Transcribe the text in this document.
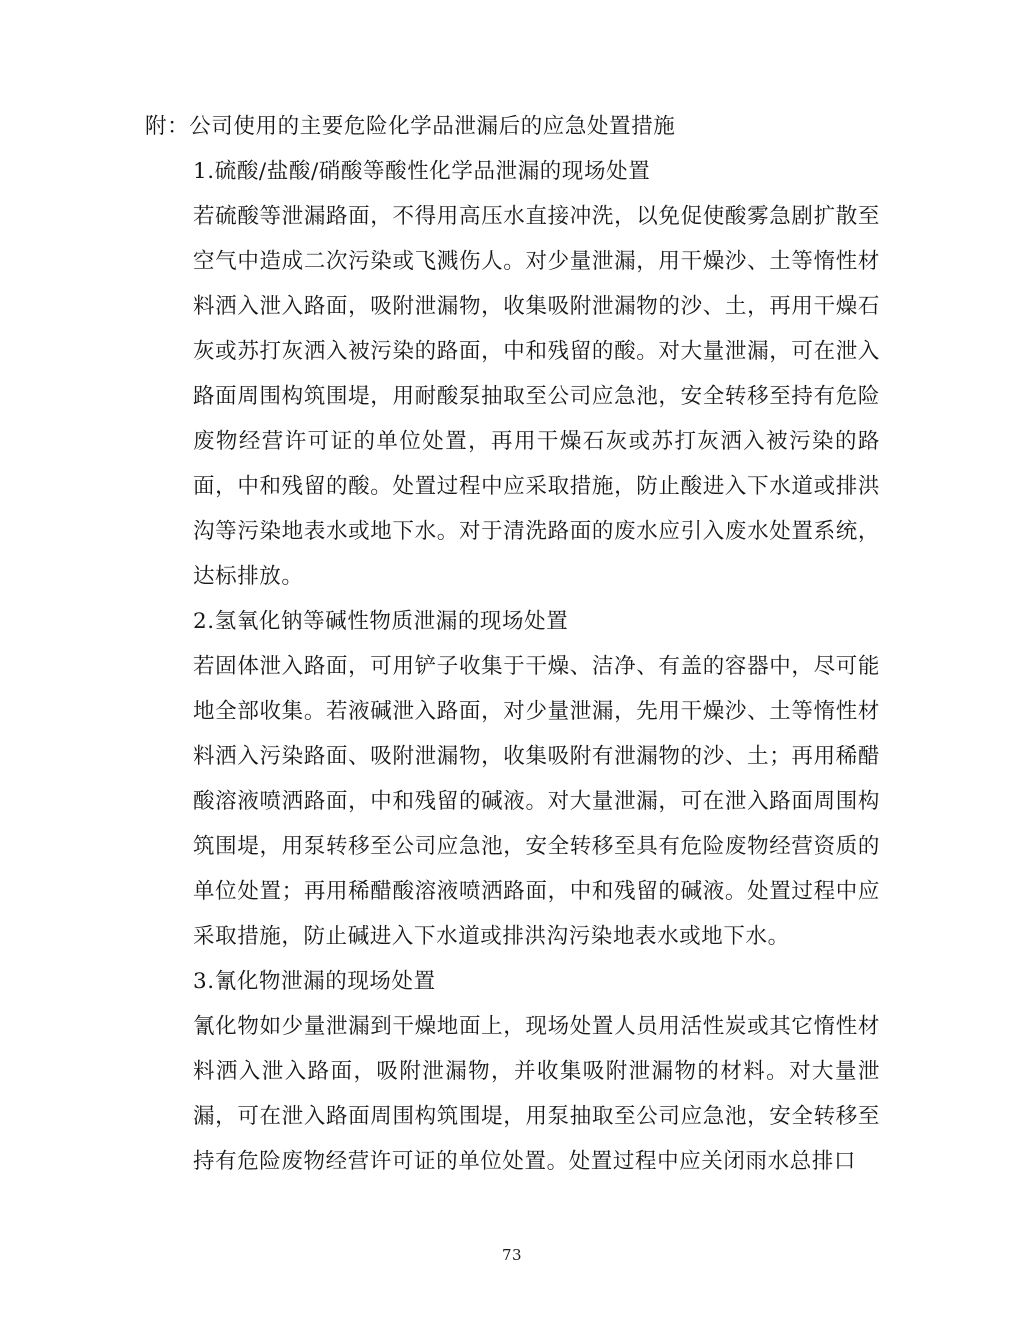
附：公司使用的主要危险化学品泄漏后的应急处置措施
1.硫酸/盐酸/硝酸等酸性化学品泄漏的现场处置
若硫酸等泄漏路面，不得用高压水直接冲洗，以免促使酸雾急剧扩散至空气中造成二次污染或飞溅伤人。对少量泄漏，用干燥沙、土等惰性材料洒入泄入路面，吸附泄漏物，收集吸附泄漏物的沙、土，再用干燥石灰或苏打灰洒入被污染的路面，中和残留的酸。对大量泄漏，可在泄入路面周围构筑围堤，用耐酸泵抽取至公司应急池，安全转移至持有危险废物经营许可证的单位处置，再用干燥石灰或苏打灰洒入被污染的路面，中和残留的酸。处置过程中应采取措施，防止酸进入下水道或排洪沟等污染地表水或地下水。对于清洗路面的废水应引入废水处置系统，达标排放。
2.氢氧化钠等碱性物质泄漏的现场处置
若固体泄入路面，可用铲子收集于干燥、洁净、有盖的容器中，尽可能地全部收集。若液碱泄入路面，对少量泄漏，先用干燥沙、土等惰性材料洒入污染路面、吸附泄漏物，收集吸附有泄漏物的沙、土；再用稀醋酸溶液喷洒路面，中和残留的碱液。对大量泄漏，可在泄入路面周围构筑围堤，用泵转移至公司应急池，安全转移至具有危险废物经营资质的单位处置；再用稀醋酸溶液喷洒路面，中和残留的碱液。处置过程中应采取措施，防止碱进入下水道或排洪沟污染地表水或地下水。
3.氰化物泄漏的现场处置
氰化物如少量泄漏到干燥地面上，现场处置人员用活性炭或其它惰性材料洒入泄入路面，吸附泄漏物，并收集吸附泄漏物的材料。对大量泄漏，可在泄入路面周围构筑围堤，用泵抽取至公司应急池，安全转移至持有危险废物经营许可证的单位处置。处置过程中应关闭雨水总排口
73
